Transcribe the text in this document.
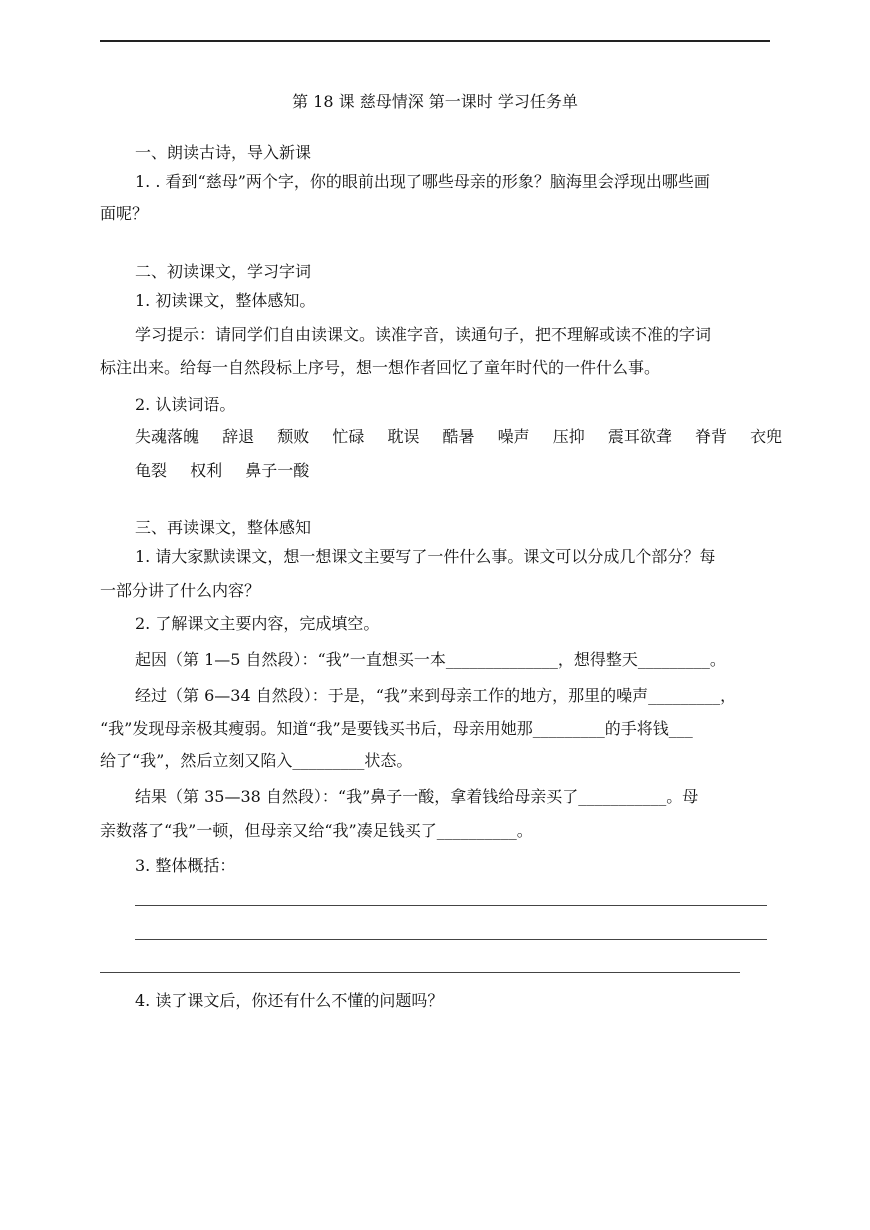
第 18 课 慈母情深 第一课时 学习任务单
一、朗读古诗，导入新课
1. . 看到“慈母”两个字，你的眼前出现了哪些母亲的形象？脑海里会浮现出哪些画
面呢？
二、初读课文，学习字词
1. 初读课文，整体感知。
学习提示：请同学们自由读课文。读准字音，读通句子，把不理解或读不准的字词
标注出来。给每一自然段标上序号，想一想作者回忆了童年时代的一件什么事。
2. 认读词语。
失魂落魄 辞退 颓败 忙碌 耽误 酷暑 噪声 压抑 震耳欲聋 脊背 衣兜
龟裂 权利 鼻子一酸
三、再读课文，整体感知
1. 请大家默读课文，想一想课文主要写了一件什么事。课文可以分成几个部分？每
一部分讲了什么内容？
2. 了解课文主要内容，完成填空。
起因（第 1—5 自然段）：“我”一直想买一本______________，想得整天_________。
经过（第 6—34 自然段）：于是，“我”来到母亲工作的地方，那里的噪声_________，
“我”发现母亲极其瘦弱。知道“我”是要钱买书后，母亲用她那_________的手将钱___
给了“我”，然后立刻又陷入_________状态。
结果（第 35—38 自然段）：“我”鼻子一酸，拿着钱给母亲买了___________。母
亲数落了“我”一顿，但母亲又给“我”凑足钱买了__________。
3. 整体概括：
4. 读了课文后，你还有什么不懂的问题吗？
